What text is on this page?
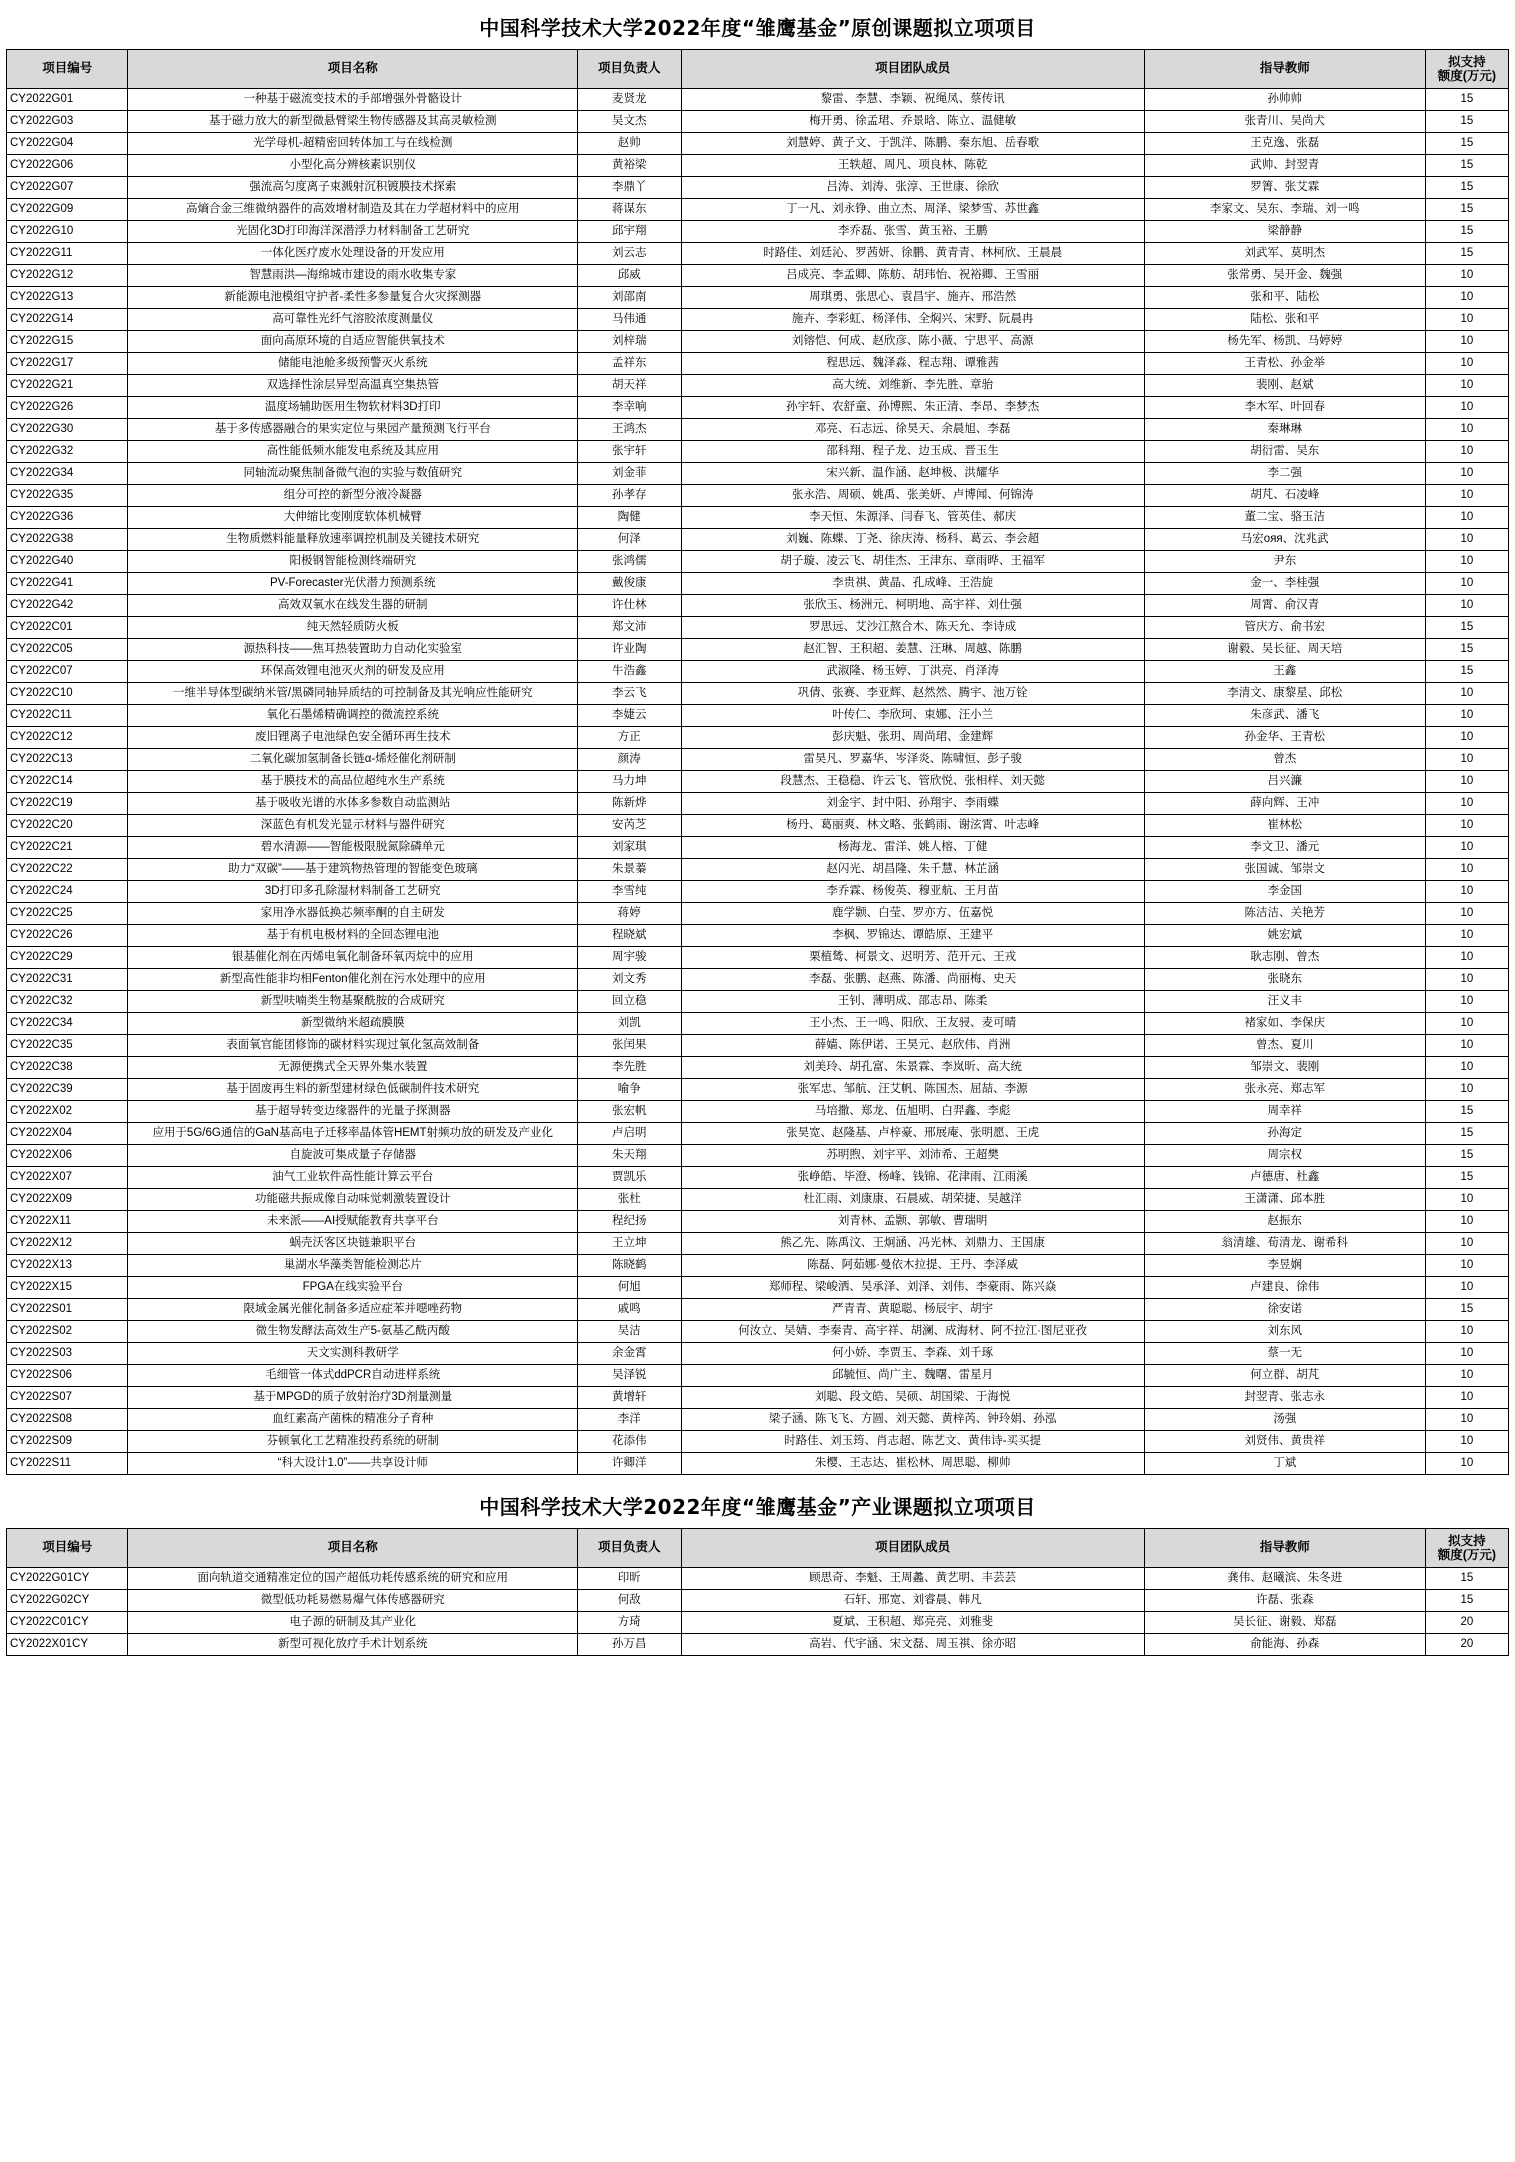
中国科学技术大学2022年度“雏鹰基金”原创课题拟立项项目
项目编号	项目名称	项目负责人	项目团队成员	指导教师	拟支持
额度(万元)

CY2022G01	一种基于磁流变技术的手部增强外骨骼设计	麦贤龙	黎雷、李慧、李颖、祝绳凤、蔡传讯	孙帅帅	15
CY2022G03	基于磁力放大的新型微悬臂梁生物传感器及其高灵敏检测	吴文杰	梅开勇、徐孟珺、乔景晗、陈立、温健敏	张青川、吴尚犬	15
CY2022G04	光学母机-超精密回转体加工与在线检测	赵帅	刘慧婷、黄子文、于凯洋、陈鹏、秦东旭、岳春歌	王克逸、张磊	15
CY2022G06	小型化高分辨核素识别仪	黄裕梁	王轶超、周凡、项良林、陈乾	武帅、封翌青	15
CY2022G07	强流高匀度离子束溅射沉积镀膜技术探索	李鼎丫	吕涛、刘涛、张淳、王世康、徐欣	罗箐、张艾霖	15
CY2022G09	高熵合金三维微纳器件的高效增材制造及其在力学超材料中的应用	蒋谋东	丁一凡、刘永铮、曲立杰、周泽、梁梦雪、苏世鑫	李家文、吴东、李瑞、刘一鸣	15
CY2022G10	光固化3D打印海洋深潜浮力材料制备工艺研究	邱宇翔	李乔磊、张雪、黄玉裕、王鹏	梁静静	15
CY2022G11	一体化医疗废水处理设备的开发应用	刘云志	时路佳、刘廷沁、罗茜妍、徐鹏、黄青青、林柯欣、王晨晨	刘武军、莫明杰	15
CY2022G12	智慧雨洪—海绵城市建设的雨水收集专家	邱威	吕成亮、李孟卿、陈舫、胡玮怡、祝裕卿、王雪丽	张常勇、吴开金、魏强	10
CY2022G13	新能源电池模组守护者-柔性多参量复合火灾探测器	刘邵南	周琪勇、张思心、袁昌宇、施卉、邢浩然	张和平、陆松	10
CY2022G14	高可靠性光纤气溶胶浓度测量仪	马伟通	施卉、李彩虹、杨泽伟、全焖兴、宋野、阮晨冉	陆松、张和平	10
CY2022G15	面向高原环境的自适应智能供氧技术	刘梓瑞	刘镕恺、何成、赵欣彦、陈小薇、宁思平、高源	杨先军、杨凯、马婷婷	10
CY2022G17	储能电池舱多级预警灭火系统	孟祥东	程思远、魏泽淼、程志翔、谭雅茜	王青松、孙金举	10
CY2022G21	双选择性涂层异型高温真空集热管	胡天祥	高大统、刘维新、李先胜、章骀	裴刚、赵斌	10
CY2022G26	温度场辅助医用生物软材料3D打印	李幸响	孙宇轩、农舒童、孙博熙、朱正清、李昂、李梦杰	李木军、叶回春	10
CY2022G30	基于多传感器融合的果实定位与果园产量预测飞行平台	王鸿杰	邓亮、石志远、徐昊天、余晨旭、李磊	秦琳琳	10
CY2022G32	高性能低频水能发电系统及其应用	张宇轩	邵科翔、程子龙、边玉成、晋玉生	胡衍雷、吴东	10
CY2022G34	同轴流动聚焦制备微气泡的实验与数值研究	刘金菲	宋兴新、温作涵、赵坤极、洪耀华	李二强	10
CY2022G35	组分可控的新型分液冷凝器	孙孝存	张永浩、周硕、姚禹、张美妍、卢博闻、何锦涛	胡芃、石凌峰	10
CY2022G36	大伸缩比变刚度软体机械臂	陶健	李天恒、朱源泽、闫春飞、管英佳、郝庆	董二宝、骆玉洁	10
CY2022G38	生物质燃料能量释放速率调控机制及关键技术研究	何泽	刘巍、陈蝶、丁尧、徐庆涛、杨科、葛云、李会超	马宏ояя、沈兆武	10
CY2022G40	阳极钢智能检测终端研究	张鸿儒	胡子璇、凌云飞、胡佳杰、王津东、章雨晔、王福军	尹东	10
CY2022G41	PV-Forecaster光伏潜力预测系统	戴俊康	李贵祺、黄晶、孔成峰、王浩旋	金一、李桂强	10
CY2022G42	高效双氧水在线发生器的研制	许仕林	张欣玉、杨洲元、柯明地、高宇祥、刘仕强	周霄、俞汉青	10
CY2022C01	纯天然轻质防火板	郑文沛	罗思远、艾沙江熬合木、陈天允、李诗成	管庆方、俞书宏	15
CY2022C05	源热科技——焦耳热装置助力自动化实验室	许业陶	赵汇智、王积超、姜慧、汪琳、周越、陈鹏	谢毅、吴长征、周天培	15
CY2022C07	环保高效锂电池灭火剂的研发及应用	牛浩鑫	武淑隆、杨玉婷、丁洪亮、肖泽涛	王鑫	15
CY2022C10	一维半导体型碳纳米管/黑磷同轴异质结的可控制备及其光响应性能研究	李云飞	巩倩、张赛、李亚辉、赵然然、腾宇、池万铨	李清文、康黎星、邱松	10
CY2022C11	氧化石墨烯精确调控的微流控系统	李婕云	叶传仁、李欣珂、束娜、汪小兰	朱彦武、潘飞	10
CY2022C12	废旧锂离子电池绿色安全循环再生技术	方正	彭庆魁、张玥、周尚珺、金建辉	孙金华、王青松	10
CY2022C13	二氧化碳加氢制备长链α-烯烃催化剂研制	颜涛	雷昊凡、罗嘉华、岑泽炎、陈啸恒、彭子骏	曾杰	10
CY2022C14	基于膜技术的高品位超纯水生产系统	马力坤	段慧杰、王稳稳、许云飞、管欣悦、张相样、刘天懿	吕兴濂	10
CY2022C19	基于吸收光谱的水体多参数自动监测站	陈新烨	刘金宇、封中阳、孙翔宇、李雨蝶	薛向辉、王冲	10
CY2022C20	深蓝色有机发光显示材料与器件研究	安芮芝	杨丹、葛丽爽、林文略、张鹤雨、谢泫霄、叶志峰	崔林松	10
CY2022C21	碧水清源——智能极限脱氮除磷单元	刘家琪	杨海龙、雷洋、姚人榕、丁健	李文卫、潘元	10
CY2022C22	助力“双碳”——基于建筑物热管理的智能变色玻璃	朱景蓁	赵闪光、胡昌隆、朱千慧、林芷涵	张国诚、邹崇文	10
CY2022C24	3D打印多孔除湿材料制备工艺研究	李雪纯	李乔霖、杨俊英、穆亚航、王月苗	李金国	10
CY2022C25	家用净水器低换芯频率酮的自主研发	蒋婷	鹿学颢、白莹、罗亦方、伍嘉悦	陈洁洁、关艳芳	10
CY2022C26	基于有机电极材料的全回态锂电池	程晓斌	李枫、罗锦达、谭皓原、王建平	姚宏斌	10
CY2022C29	银基催化剂在丙烯电氧化制备环氧丙烷中的应用	周宇骏	栗植鸶、柯景文、迟明芳、范开元、王戎	耿志刚、曾杰	10
CY2022C31	新型高性能非均相Fenton催化剂在污水处理中的应用	刘文秀	李磊、张鹏、赵燕、陈潘、尚丽梅、史天	张晓东	10
CY2022C32	新型呋喃类生物基聚酰胺的合成研究	回立稳	王钊、薄明成、邵志昂、陈柔	汪义丰	10
CY2022C34	新型微纳米超疏膜膜	刘凯	王小杰、王一鸣、阳欣、王友骎、麦可晴	褚家如、李保庆	10
CY2022C35	表面氧官能团修饰的碳材料实现过氧化氢高效制备	张闰果	薛嫱、陈伊诺、王昊元、赵欣伟、肖洲	曾杰、夏川	10
CY2022C38	无源便携式全天界外集水装置	李先胜	刘美玲、胡孔富、朱景霖、李岚昕、高大统	邹崇文、裴刚	10
CY2022C39	基于固废再生料的新型建材绿色低碳制件技术研究	喻争	张军忠、邹航、汪艾帆、陈国杰、屈喆、李源	张永亮、郑志军	10
CY2022X02	基于超导转变边缘器件的光量子探测器	张宏帆	马培撒、郑龙、伍旭明、白羿鑫、李彪	周幸祥	15
CY2022X04	应用于5G/6G通信的GaN基高电子迁移率晶体管HEMT射频功放的研发及产业化	卢启明	张昊宽、赵隆基、卢梓豪、邢展庵、张明愿、王虎	孙海定	15
CY2022X06	自旋波可集成量子存储器	朱天翔	苏明煦、刘宇平、刘沛希、王超樊	周宗权	15
CY2022X07	油气工业软件高性能计算云平台	贾凯乐	张峥皓、毕澄、杨峰、钱锦、花津雨、江雨溪	卢德唐、杜鑫	15
CY2022X09	功能磁共振成像自动味觉刺激装置设计	张杜	杜汇雨、刘康康、石晨威、胡荣捷、吴越洋	王潇潇、邱本胜	10
CY2022X11	未来派——AI授赋能教育共享平台	程纪扬	刘青林、孟颢、郭敏、曹瑞明	赵振东	10
CY2022X12	蜗壳沃客区块链兼职平台	王立坤	熊乙先、陈禹汶、王炯涵、冯光林、刘鼎力、王国康	翁清雄、荀清龙、谢希科	10
CY2022X13	巢湖水华藻类智能检测芯片	陈晓鹤	陈磊、阿茹娜·曼依木拉提、王丹、李泽威	李昱娴	10
CY2022X15	FPGA在线实验平台	何旭	郑师程、梁峻洒、吴承泽、刘泽、刘伟、李豪雨、陈兴焱	卢建良、徐伟	10
CY2022S01	限域金属光催化制备多适应症苯并噁唑药物	戚鸣	严青青、黄聪聪、杨辰宇、胡宇	徐安诺	15
CY2022S02	微生物发酵法高效生产5-氨基乙酰丙酸	吴洁	何汝立、吴婧、李秦青、高宇祥、胡澜、成海材、阿不拉江·图尼亚孜	刘东风	10
CY2022S03	天文实测科教研学	余金霄	何小娇、李贾玉、李森、刘千琢	蔡一无	10
CY2022S06	毛细管一体式ddPCR自动进样系统	吴泽锐	邱毓恒、尚广主、魏曙、雷星月	何立群、胡芃	10
CY2022S07	基于MPGD的质子放射治疗3D剂量测量	黄增轩	刘聪、段文皓、吴硕、胡国梁、于海悦	封翌青、张志永	10
CY2022S08	血红素高产菌株的精准分子育种	李洋	梁子涵、陈飞飞、方圆、刘天懿、黄梓芮、钟玲娟、孙泓	汤强	10
CY2022S09	芬顿氧化工艺精准投药系统的研制	花添伟	时路佳、刘玉筠、肖志超、陈艺文、黄伟诗-买买提	刘贤伟、黄贵祥	10
CY2022S11	“科大设计1.0”——共享设计师	许卿洋	朱樱、王志达、崔松林、周思聪、柳帅	丁斌	10
中国科学技术大学2022年度“雏鹰基金”产业课题拟立项项目
项目编号	项目名称	项目负责人	项目团队成员	指导教师	拟支持
额度(万元)

CY2022G01CY	面向轨道交通精准定位的国产超低功耗传感系统的研究和应用	印昕	顾思奇、李魁、王周蠡、黄艺明、丰芸芸	龚伟、赵曦滨、朱冬进	15
CY2022G02CY	微型低功耗易燃易爆气体传感器研究	何敌	石轩、邢宽、刘睿晨、韩凡	许磊、张森	15
CY2022C01CY	电子源的研制及其产业化	方琦	夏斌、王积超、郑亮亮、刘雅斐	吴长征、谢毅、郑磊	20
CY2022X01CY	新型可视化放疗手术计划系统	孙万昌	高岩、代宇涵、宋文磊、周玉祺、徐亦昭	俞能海、孙森	20
